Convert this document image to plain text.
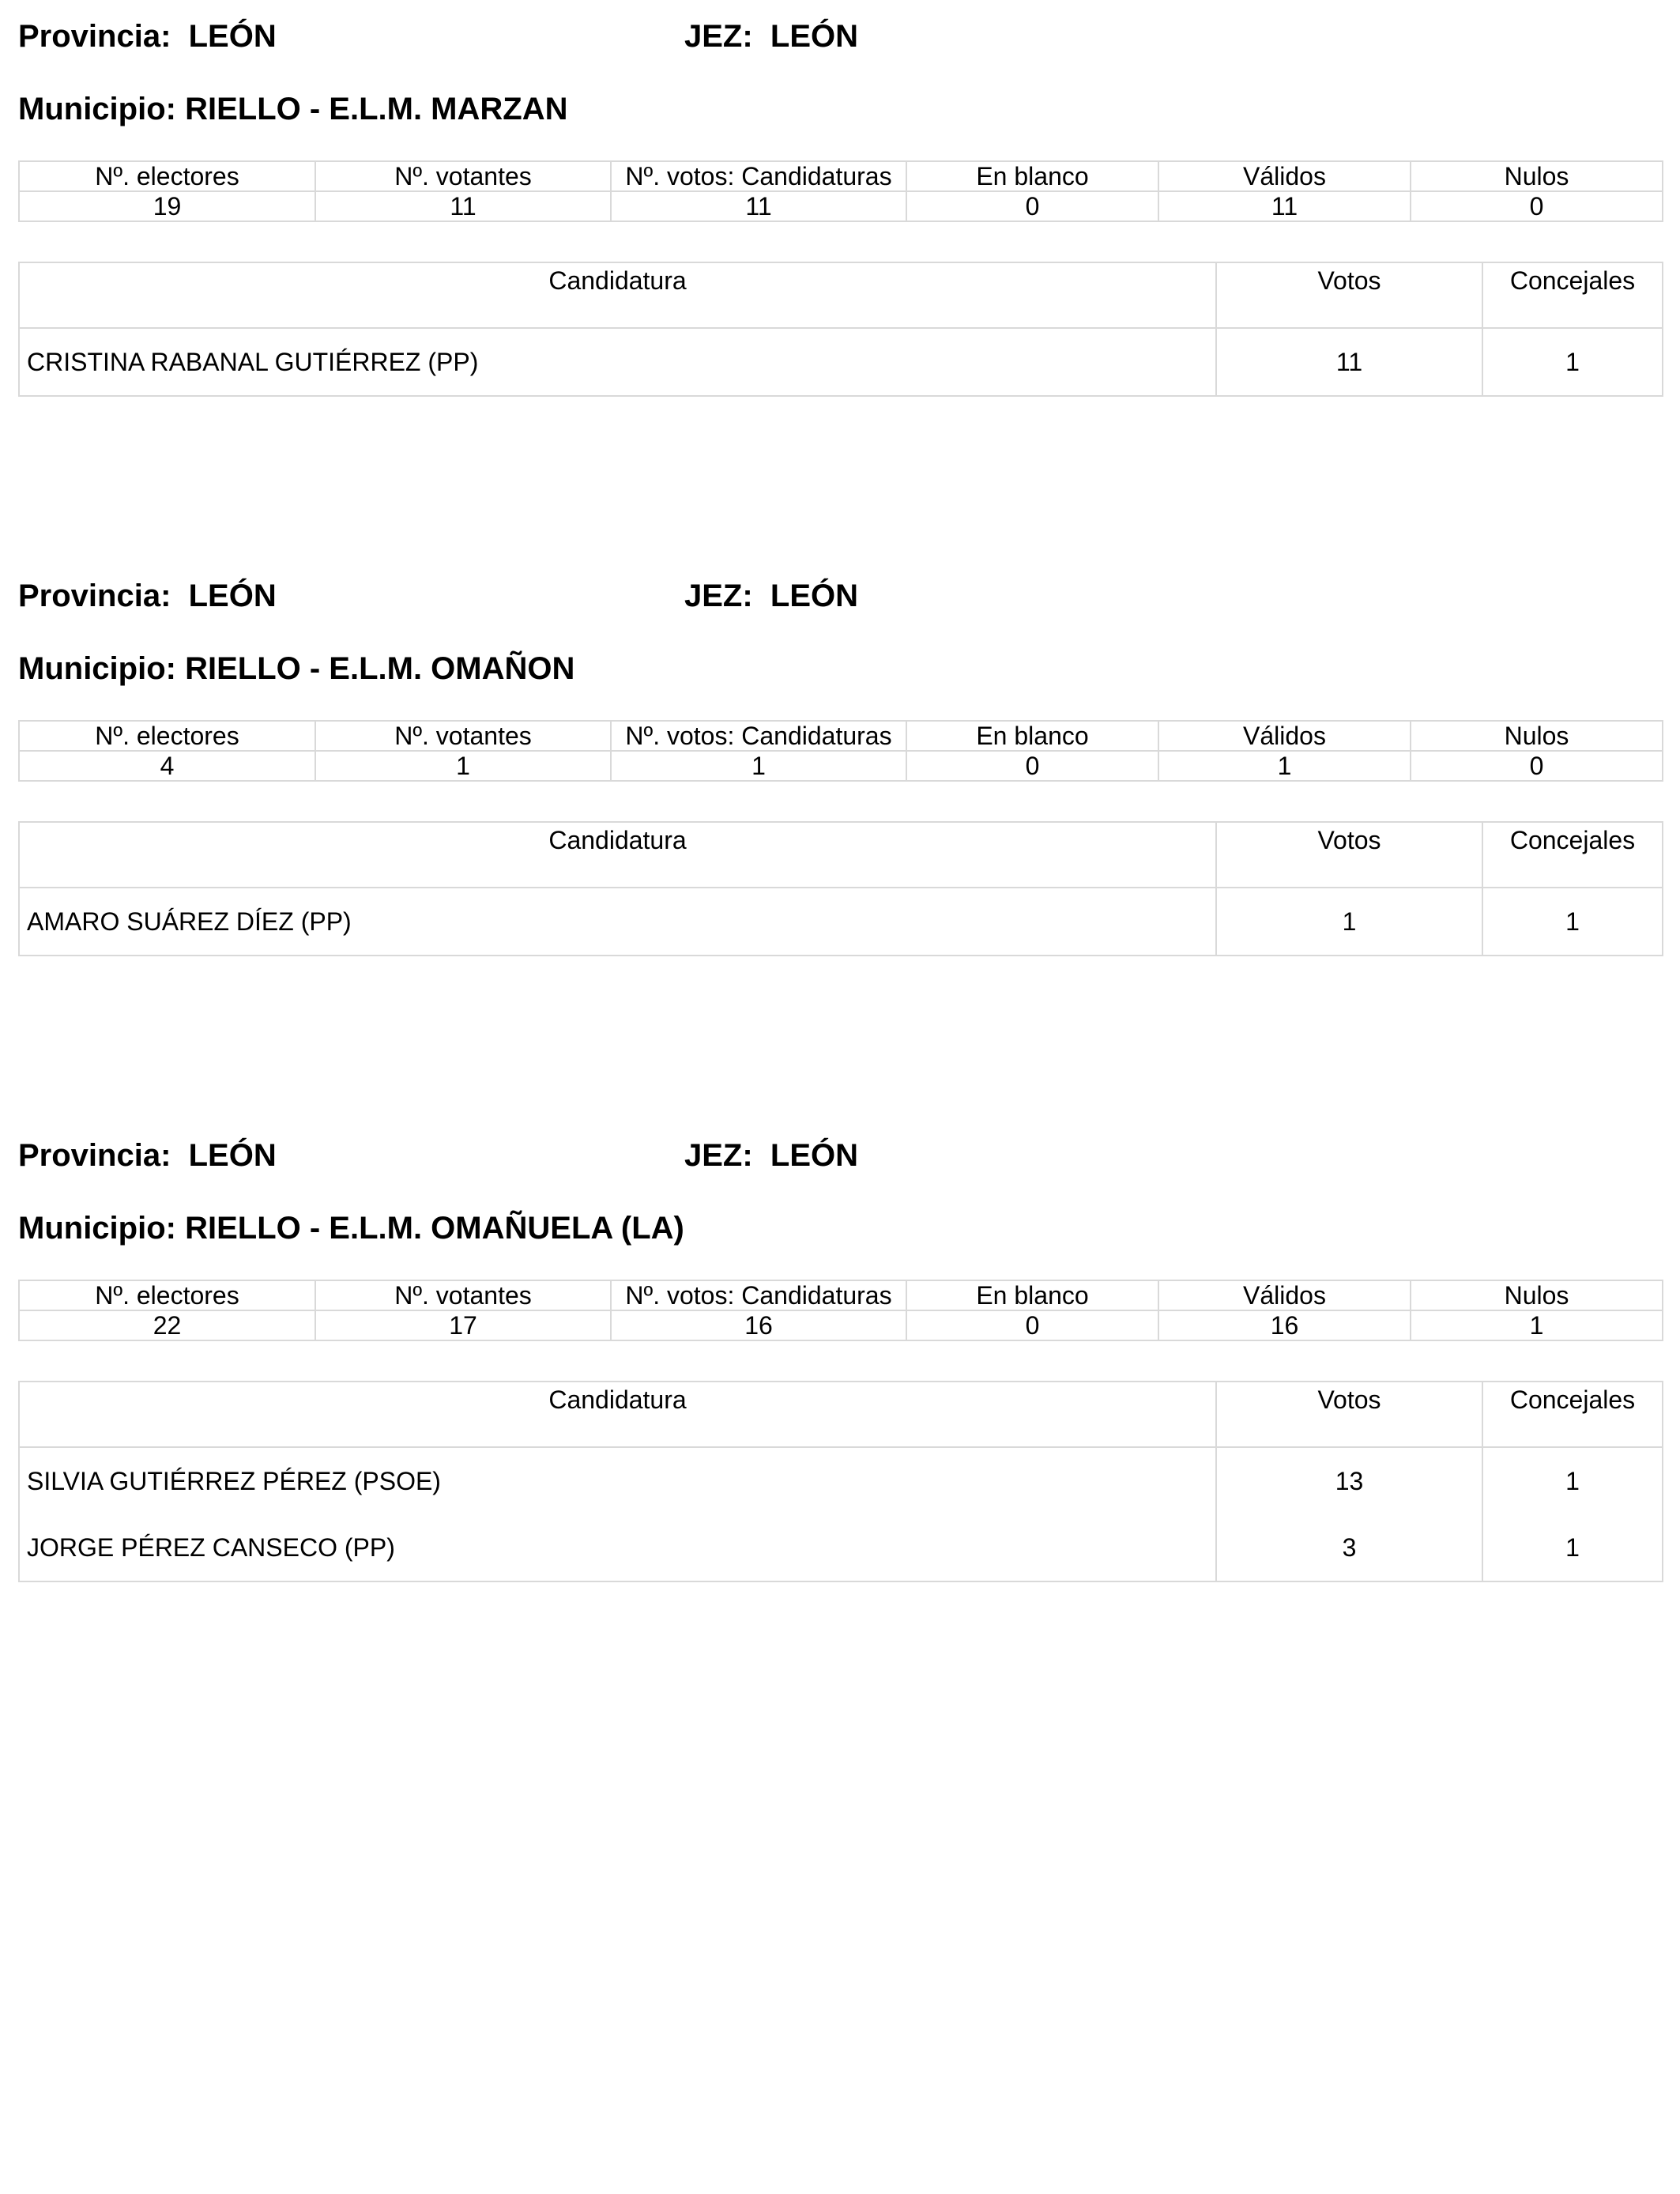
Provincia:  LEÓN	JEZ:  LEÓN
Municipio: RIELLO - E.L.M. MARZAN
Nº. electores	Nº. votantes	Nº. votos: Candidaturas	En blanco	Válidos	Nulos
19	11	11	0	11	0
Candidatura	Votos	Concejales
CRISTINA RABANAL GUTIÉRREZ (PP)	11	1
Provincia:  LEÓN	JEZ:  LEÓN
Municipio: RIELLO - E.L.M. OMAÑON
Nº. electores	Nº. votantes	Nº. votos: Candidaturas	En blanco	Válidos	Nulos
4	1	1	0	1	0
Candidatura	Votos	Concejales
AMARO SUÁREZ DÍEZ (PP)	1	1
Provincia:  LEÓN	JEZ:  LEÓN
Municipio: RIELLO - E.L.M. OMAÑUELA (LA)
Nº. electores	Nº. votantes	Nº. votos: Candidaturas	En blanco	Válidos	Nulos
22	17	16	0	16	1
Candidatura	Votos	Concejales
SILVIA GUTIÉRREZ PÉREZ (PSOE)	13	1
JORGE PÉREZ CANSECO (PP)	3	1
